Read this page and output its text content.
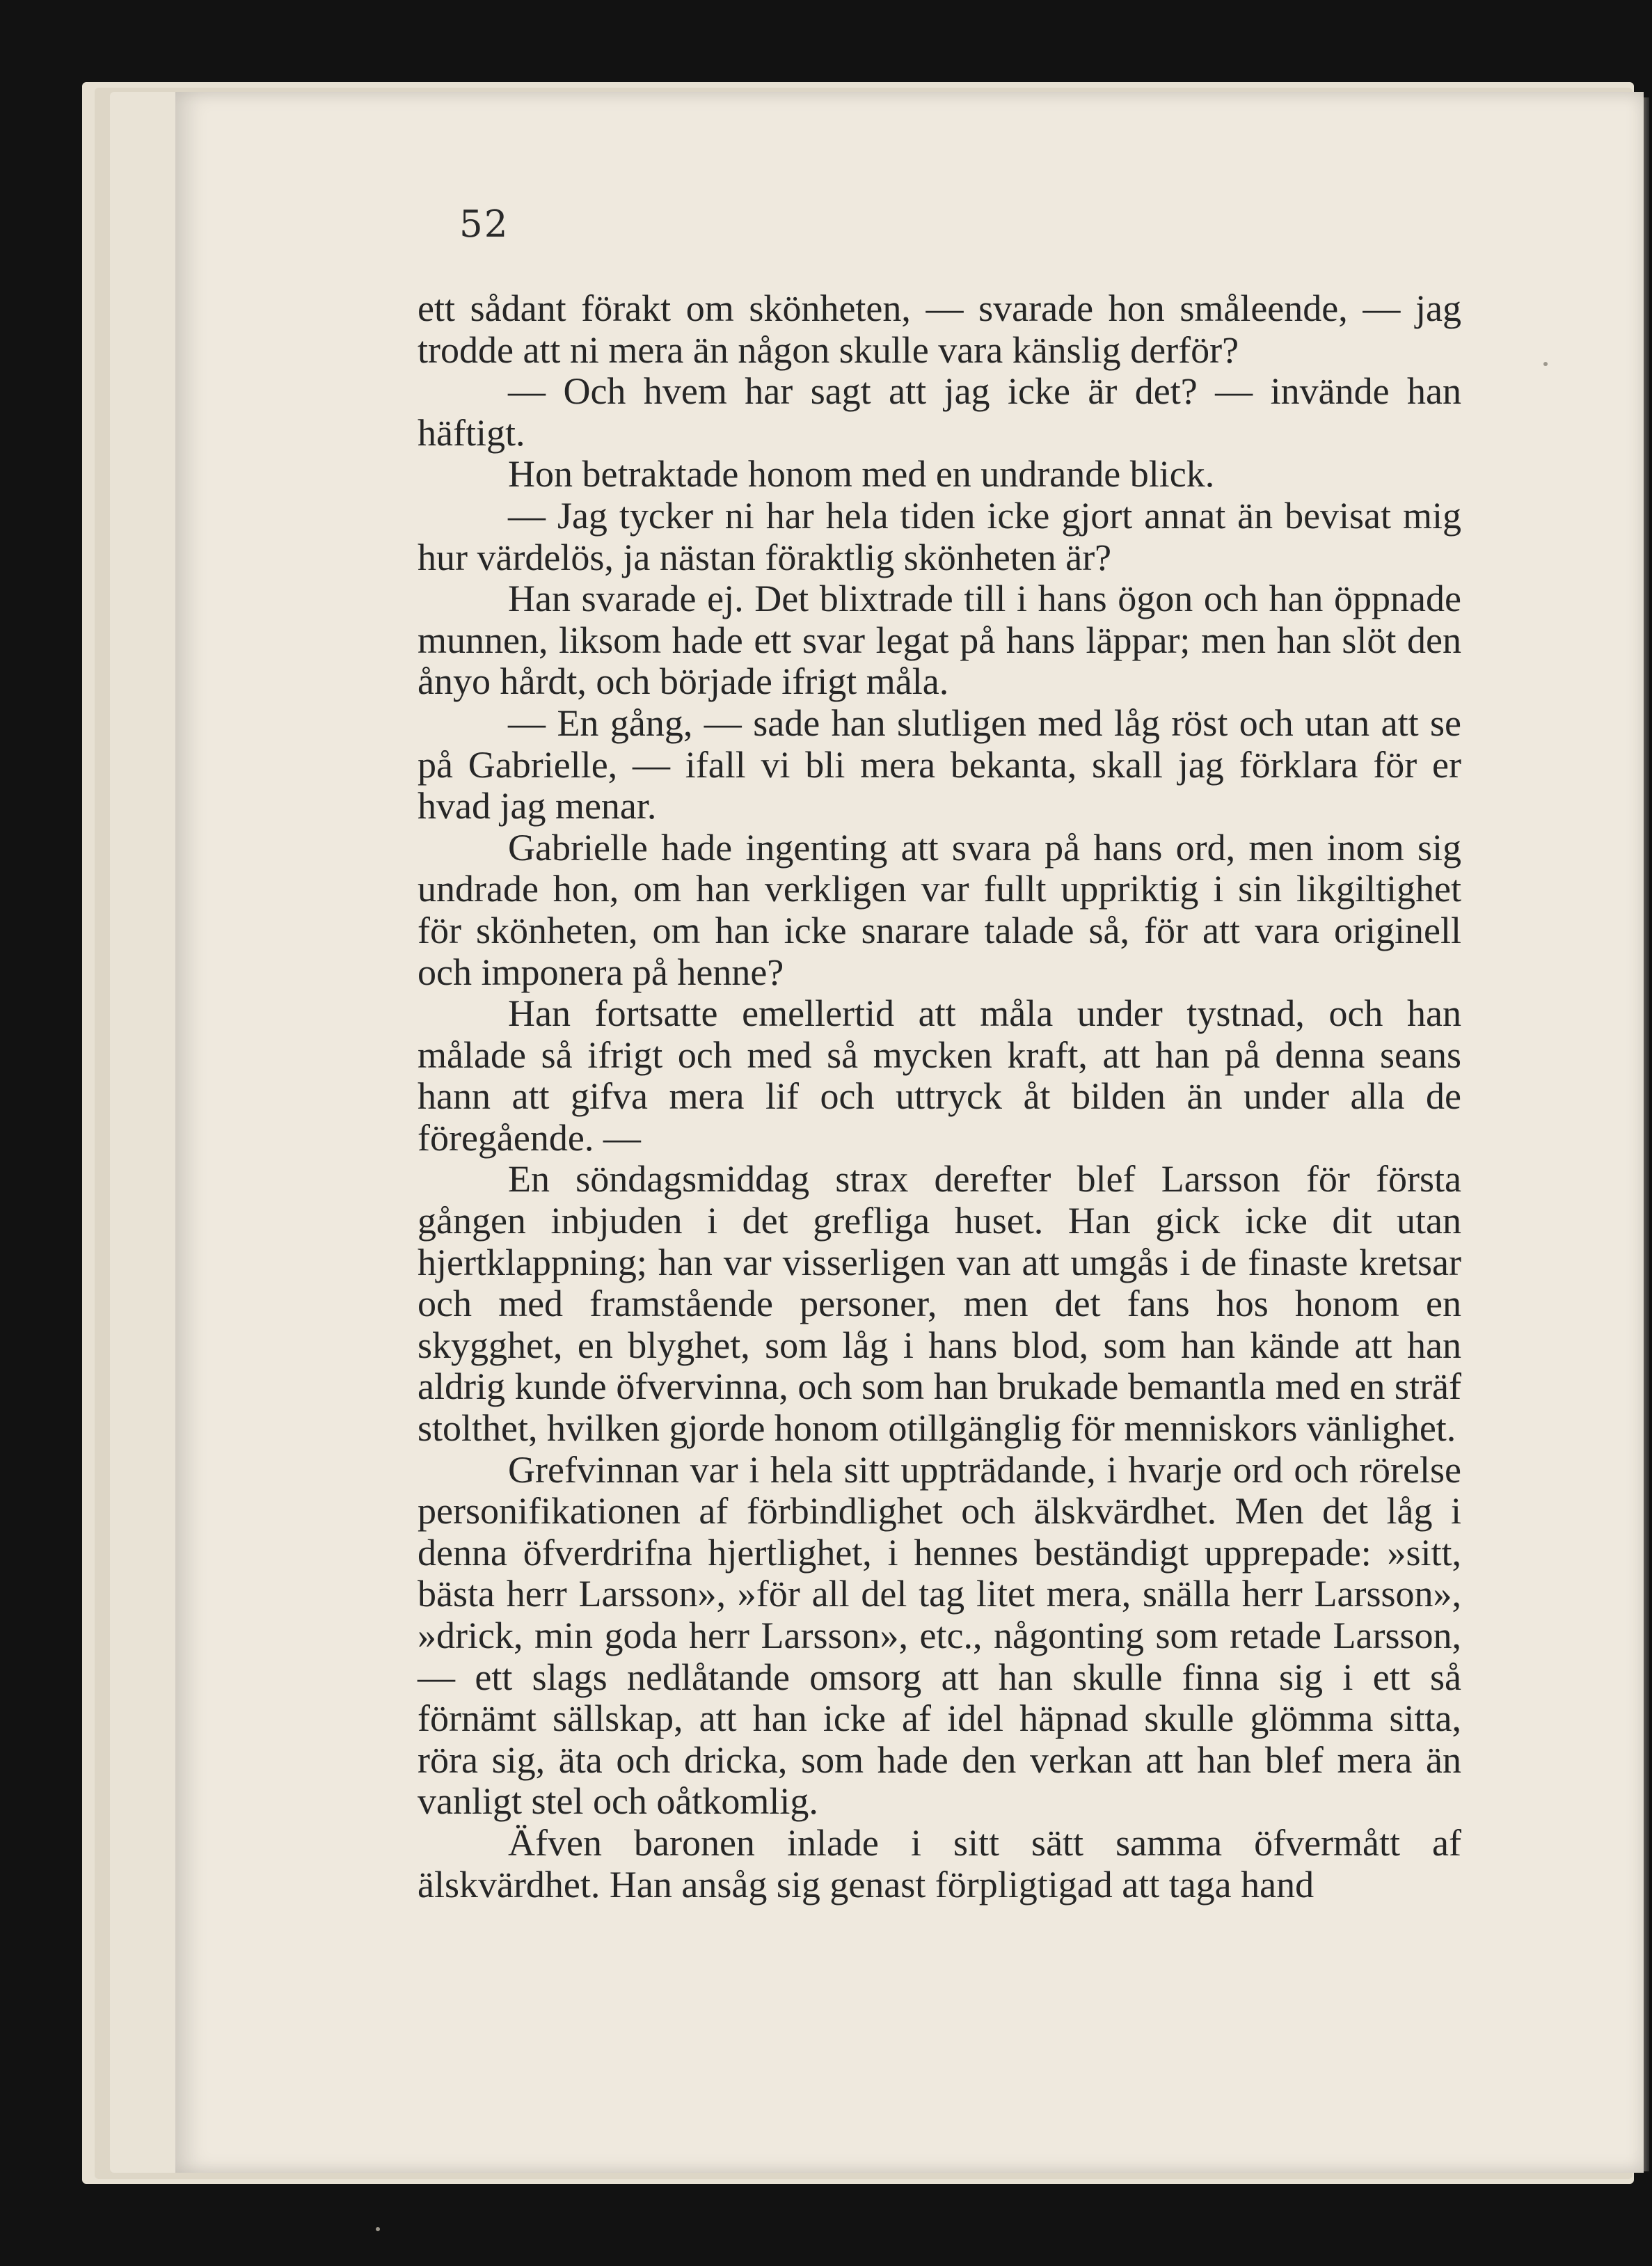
52

ett sådant förakt om skönheten, — svarade hon småleende, — jag trodde att ni mera än någon skulle vara känslig derför?

— Och hvem har sagt att jag icke är det? — invände han häftigt.

Hon betraktade honom med en undrande blick.

— Jag tycker ni har hela tiden icke gjort annat än bevisat mig hur värdelös, ja nästan föraktlig skönheten är?

Han svarade ej. Det blixtrade till i hans ögon och han öppnade munnen, liksom hade ett svar legat på hans läppar; men han slöt den ånyo hårdt, och började ifrigt måla.

— En gång, — sade han slutligen med låg röst och utan att se på Gabrielle, — ifall vi bli mera bekanta, skall jag förklara för er hvad jag menar.

Gabrielle hade ingenting att svara på hans ord, men inom sig undrade hon, om han verkligen var fullt uppriktig i sin likgiltighet för skönheten, om han icke snarare talade så, för att vara originell och imponera på henne?

Han fortsatte emellertid att måla under tystnad, och han målade så ifrigt och med så mycken kraft, att han på denna seans hann att gifva mera lif och uttryck åt bilden än under alla de föregående. —

En söndagsmiddag strax derefter blef Larsson för första gången inbjuden i det grefliga huset. Han gick icke dit utan hjertklappning; han var visserligen van att umgås i de finaste kretsar och med framstående personer, men det fans hos honom en skygghet, en blyghet, som låg i hans blod, som han kände att han aldrig kunde öfvervinna, och som han brukade bemantla med en sträf stolthet, hvilken gjorde honom otillgänglig för menniskors vänlighet.

Grefvinnan var i hela sitt uppträdande, i hvarje ord och rörelse personifikationen af förbindlighet och älskvärdhet. Men det låg i denna öfverdrifna hjertlighet, i hennes beständigt upprepade: »sitt, bästa herr Larsson», »för all del tag litet mera, snälla herr Larsson», »drick, min goda herr Larsson», etc., någonting som retade Larsson, — ett slags nedlåtande omsorg att han skulle finna sig i ett så förnämt sällskap, att han icke af idel häpnad skulle glömma sitta, röra sig, äta och dricka, som hade den verkan att han blef mera än vanligt stel och oåtkomlig.

Äfven baronen inlade i sitt sätt samma öfvermått af älskvärdhet. Han ansåg sig genast förpligtigad att taga hand
